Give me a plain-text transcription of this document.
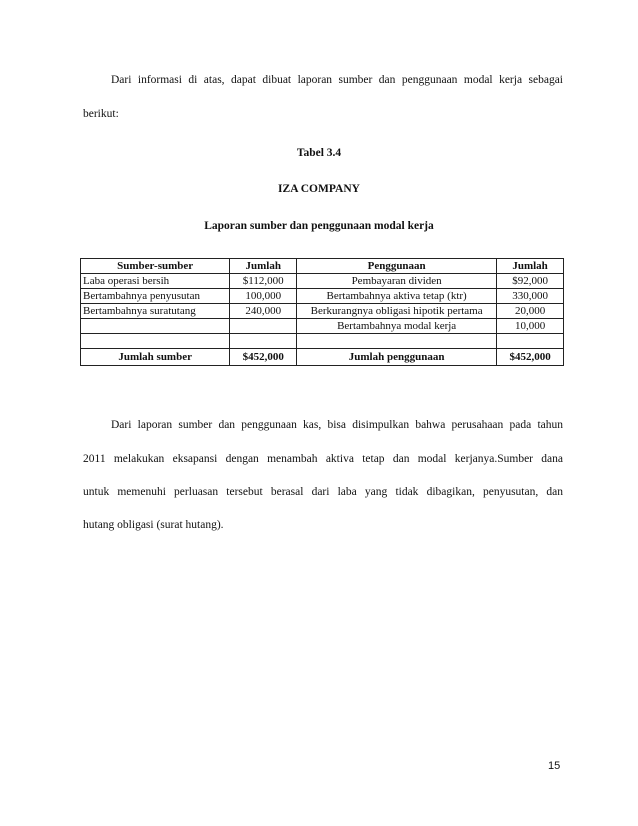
Dari informasi di atas, dapat dibuat laporan sumber dan penggunaan modal kerja sebagai
berikut:
Tabel 3.4
IZA COMPANY
Laporan sumber dan penggunaan modal kerja
Sumber-sumber	Jumlah	Penggunaan	Jumlah
Laba operasi bersih	$112,000	Pembayaran dividen	$92,000
Bertambahnya penyusutan	100,000	Bertambahnya aktiva tetap (ktr)	330,000
Bertambahnya suratutang	240,000	Berkurangnya obligasi hipotik pertama	20,000
		Bertambahnya modal kerja	10,000

Jumlah sumber	$452,000	Jumlah penggunaan	$452,000
Dari laporan sumber dan penggunaan kas, bisa disimpulkan bahwa perusahaan pada tahun
2011 melakukan eksapansi dengan menambah aktiva tetap dan modal kerjanya.Sumber dana
untuk memenuhi perluasan tersebut berasal dari laba yang tidak dibagikan, penyusutan, dan
hutang obligasi (surat hutang).
15
